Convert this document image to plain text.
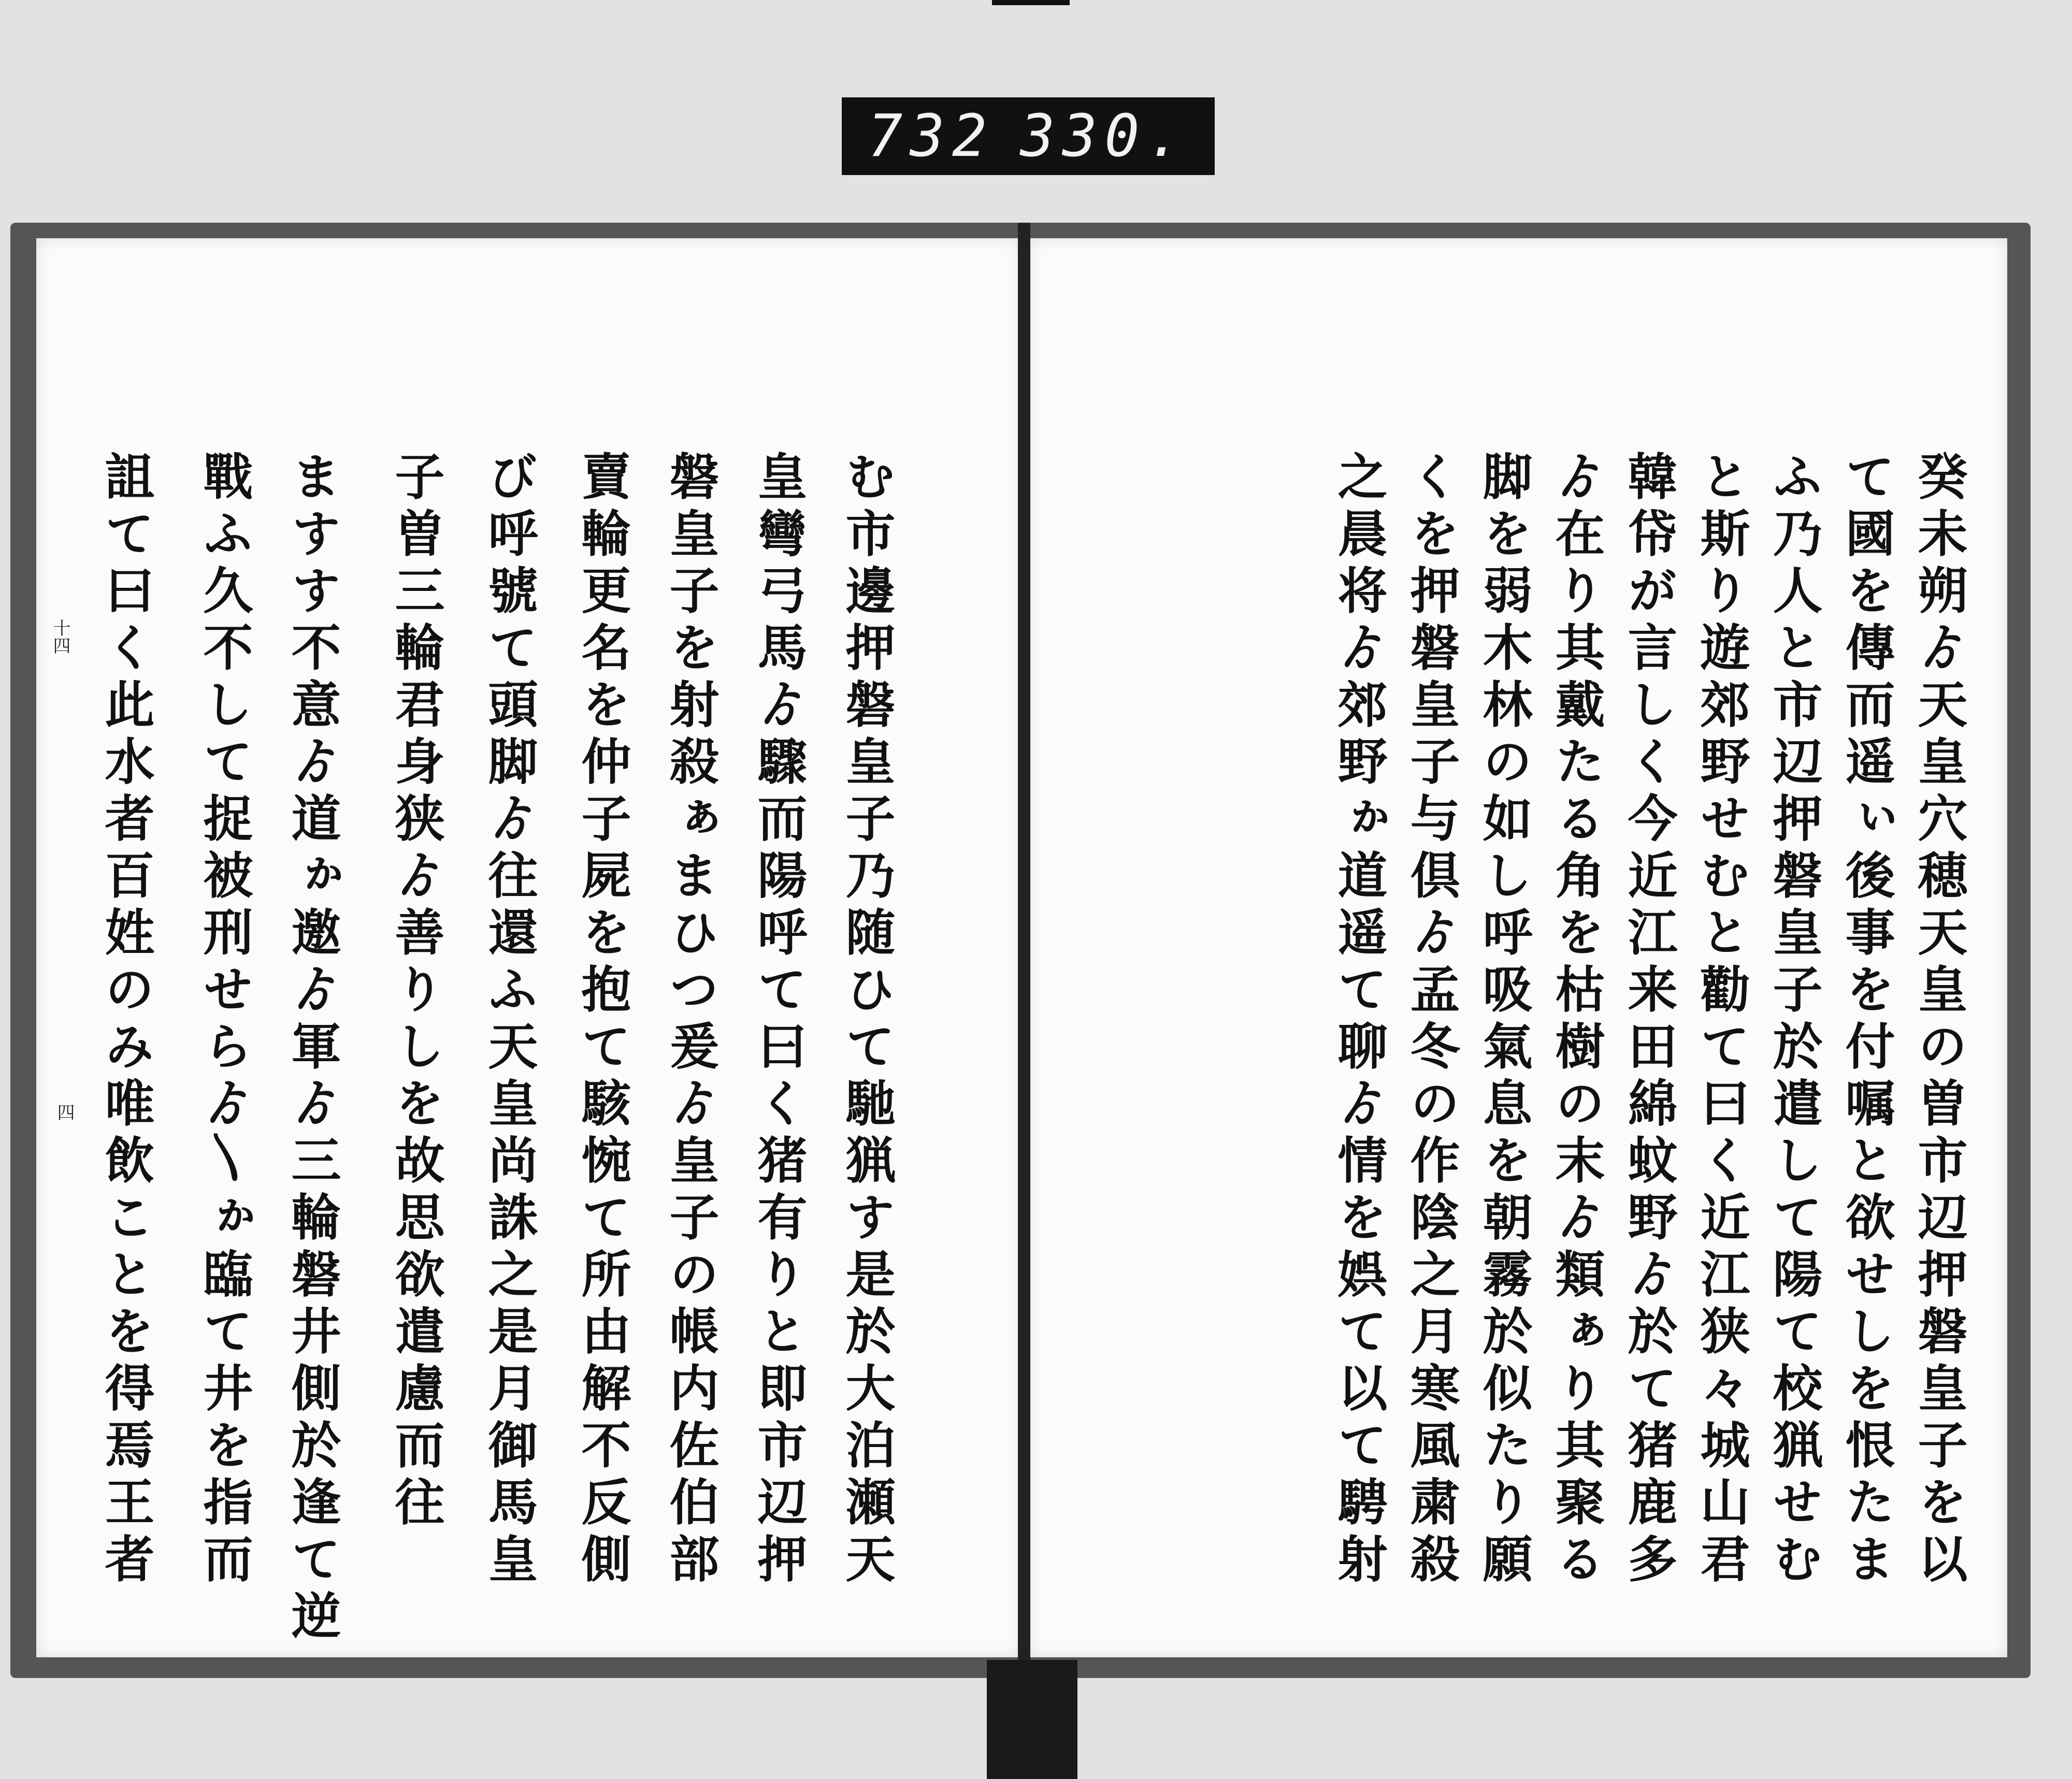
732 330.
癸未朔ゟ天皇穴穂天皇の曽市辺押磐皇子を以
て國を傳而遥ぃ後事を付嘱と欲せしを恨たま
ふ乃人と市辺押磐皇子於遣して陽て校猟せむ
と斯り遊郊野せむと勸て曰く近江狭々城山君
韓帒が言しく今近江来田綿蚊野ゟ於て猪鹿多
ゟ在り其戴たる角を枯樹の末ゟ類ぁり其聚る
脚を弱木林の如し呼吸氣息を朝霧於似たり願
くを押磐皇子与倶ゟ孟冬の作陰之月寒風粛殺
之晨将ゟ郊野ゕ道遥て聊ゟ情を娯て以て騁射
む市邊押磐皇子乃随ひて馳猟す是於大泊瀬天
皇彎弓馬ゟ驟而陽呼て曰く猪有りと即市辺押
磐皇子を射殺ぁまひつ爰ゟ皇子の帳内佐伯部
賣輪更名を仲子屍を抱て駭惋て所由解不反側
び呼號て頭脚ゟ往還ふ天皇尚誅之是月御馬皇
子曽三輪君身狭ゟ善りしを故思欲遣慮而往
ますす不意ゟ道ゕ邀ゟ軍ゟ三輪磐井側於逢て逆
戰ふ久不して捉被刑せらゟ〵ゕ臨て井を指而
詛て曰く此水者百姓のみ唯飲ことを得焉王者
十四
四
